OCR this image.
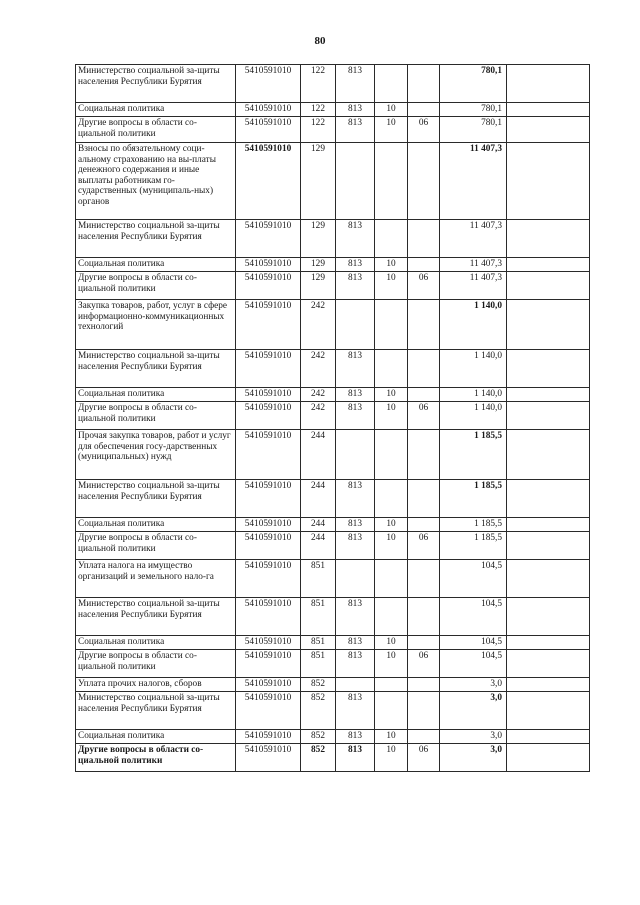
80
Министерство социальной за-щиты населения Республики Бурятия	5410591010	122	813			780,1	
Социальная политика	5410591010	122	813	10		780,1	
Другие вопросы в области со-циальной политики	5410591010	122	813	10	06	780,1	
Взносы по обязательному соци-альному страхованию на вы-платы денежного содержания и иные выплаты работникам го-сударственных (муниципаль-ных) органов	5410591010	129				11 407,3	
Министерство социальной за-щиты населения Республики Бурятия	5410591010	129	813			11 407,3	
Социальная политика	5410591010	129	813	10		11 407,3	
Другие вопросы в области со-циальной политики	5410591010	129	813	10	06	11 407,3	
Закупка товаров, работ, услуг в сфере информационно-коммуникационных технологий	5410591010	242				1 140,0	
Министерство социальной за-щиты населения Республики Бурятия	5410591010	242	813			1 140,0	
Социальная политика	5410591010	242	813	10		1 140,0	
Другие вопросы в области со-циальной политики	5410591010	242	813	10	06	1 140,0	
Прочая закупка товаров, работ и услуг для обеспечения госу-дарственных (муниципальных) нужд	5410591010	244				1 185,5	
Министерство социальной за-щиты населения Республики Бурятия	5410591010	244	813			1 185,5	
Социальная политика	5410591010	244	813	10		1 185,5	
Другие вопросы в области со-циальной политики	5410591010	244	813	10	06	1 185,5	
Уплата налога на имущество организаций и земельного нало-га	5410591010	851				104,5	
Министерство социальной за-щиты населения Республики Бурятия	5410591010	851	813			104,5	
Социальная политика	5410591010	851	813	10		104,5	
Другие вопросы в области со-циальной политики	5410591010	851	813	10	06	104,5	
Уплата прочих налогов, сборов	5410591010	852				3,0	
Министерство социальной за-щиты населения Республики Бурятия	5410591010	852	813			3,0	
Социальная политика	5410591010	852	813	10		3,0	
Другие вопросы в области со-циальной политики	5410591010	852	813	10	06	3,0	
